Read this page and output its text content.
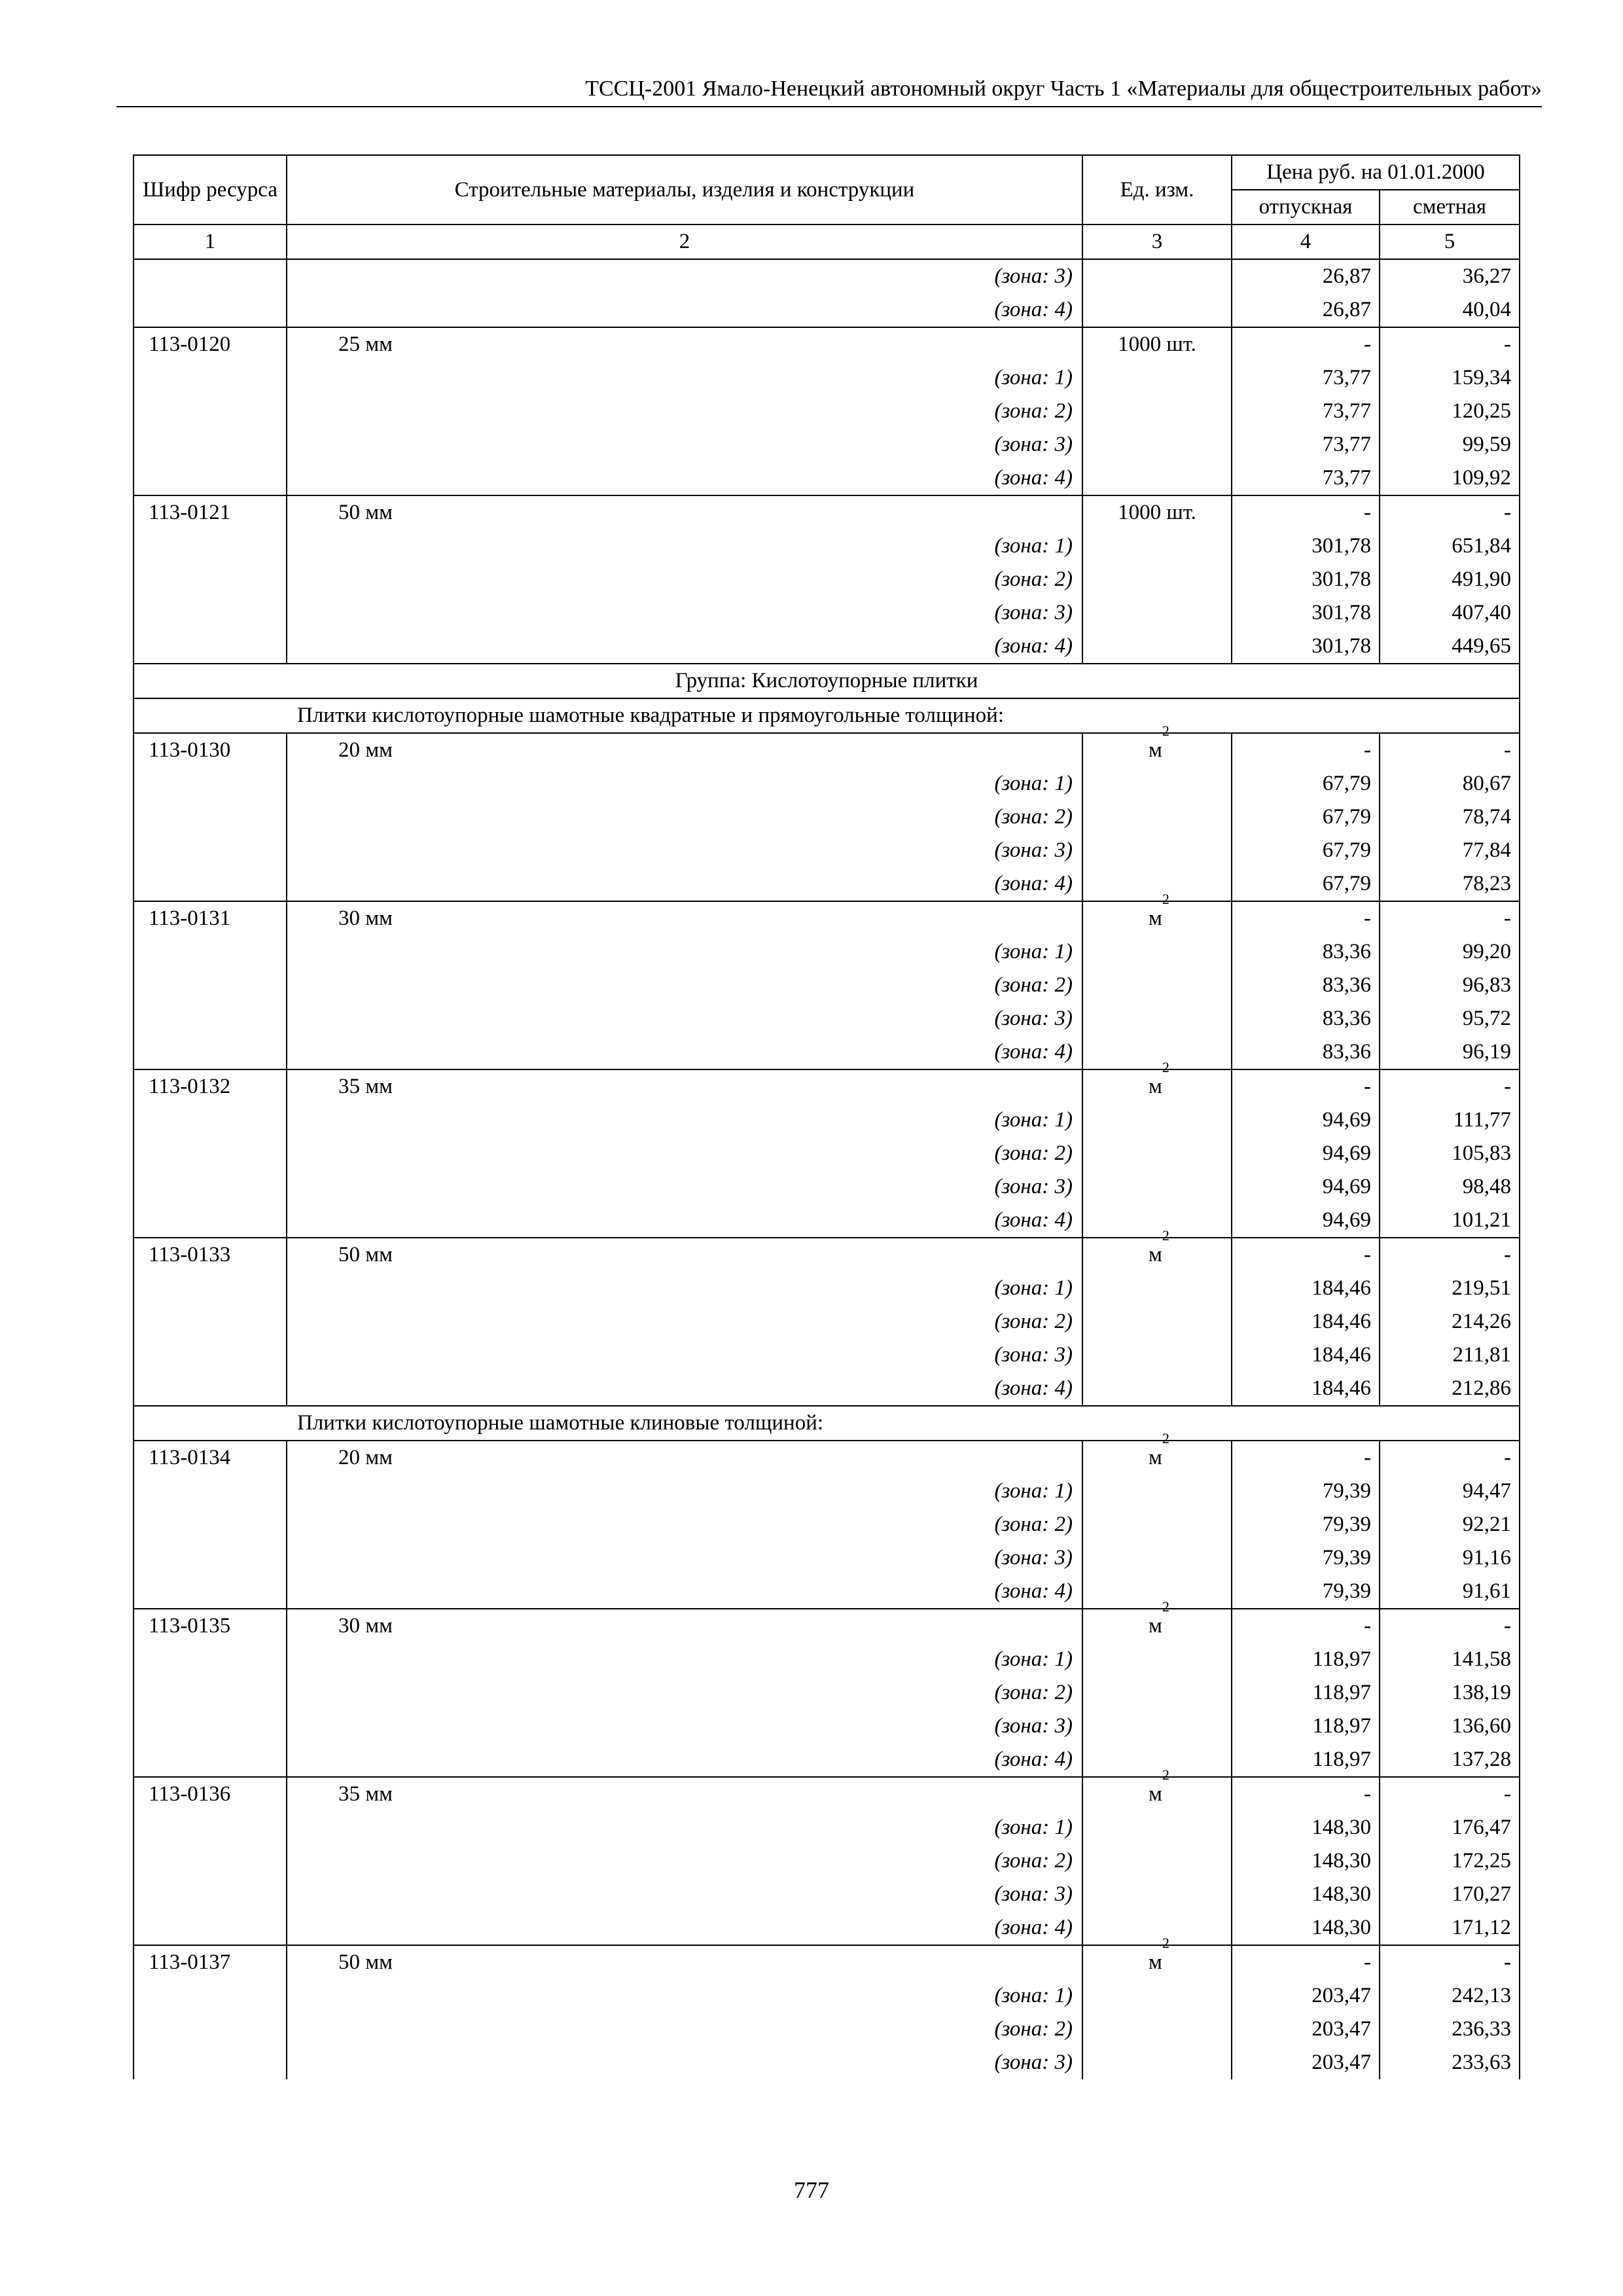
ТССЦ-2001 Ямало-Ненецкий автономный округ Часть 1 «Материалы для общестроительных работ»
Шифр ресурса	Строительные материалы, изделия и конструкции	Ед. изм.	Цена руб. на 01.01.2000	
			отпускная	сметная
1	2	3	4	5
	(зона: 3)		26,87	36,27
	(зона: 4)		26,87	40,04
113-0120	25 мм	1000 шт.	-	-
	(зона: 1)		73,77	159,34
	(зона: 2)		73,77	120,25
	(зона: 3)		73,77	99,59
	(зона: 4)		73,77	109,92
113-0121	50 мм	1000 шт.	-	-
	(зона: 1)		301,78	651,84
	(зона: 2)		301,78	491,90
	(зона: 3)		301,78	407,40
	(зона: 4)		301,78	449,65
Группа: Кислотоупорные плитки				
Плитки кислотоупорные шамотные квадратные и прямоугольные толщиной:				
113-0130	20 мм	$м^2$	-	-
	(зона: 1)		67,79	80,67
	(зона: 2)		67,79	78,74
	(зона: 3)		67,79	77,84
	(зона: 4)		67,79	78,23
113-0131	30 мм	$м^2$	-	-
	(зона: 1)		83,36	99,20
	(зона: 2)		83,36	96,83
	(зона: 3)		83,36	95,72
	(зона: 4)		83,36	96,19
113-0132	35 мм	$м^2$	-	-
	(зона: 1)		94,69	111,77
	(зона: 2)		94,69	105,83
	(зона: 3)		94,69	98,48
	(зона: 4)		94,69	101,21
113-0133	50 мм	$м^2$	-	-
	(зона: 1)		184,46	219,51
	(зона: 2)		184,46	214,26
	(зона: 3)		184,46	211,81
	(зона: 4)		184,46	212,86
Плитки кислотоупорные шамотные клиновые толщиной:				
113-0134	20 мм	$м^2$	-	-
	(зона: 1)		79,39	94,47
	(зона: 2)		79,39	92,21
	(зона: 3)		79,39	91,16
	(зона: 4)		79,39	91,61
113-0135	30 мм	$м^2$	-	-
	(зона: 1)		118,97	141,58
	(зона: 2)		118,97	138,19
	(зона: 3)		118,97	136,60
	(зона: 4)		118,97	137,28
113-0136	35 мм	$м^2$	-	-
	(зона: 1)		148,30	176,47
	(зона: 2)		148,30	172,25
	(зона: 3)		148,30	170,27
	(зона: 4)		148,30	171,12
113-0137	50 мм	$м^2$	-	-
	(зона: 1)		203,47	242,13
	(зона: 2)		203,47	236,33
	(зона: 3)		203,47	233,63
777
